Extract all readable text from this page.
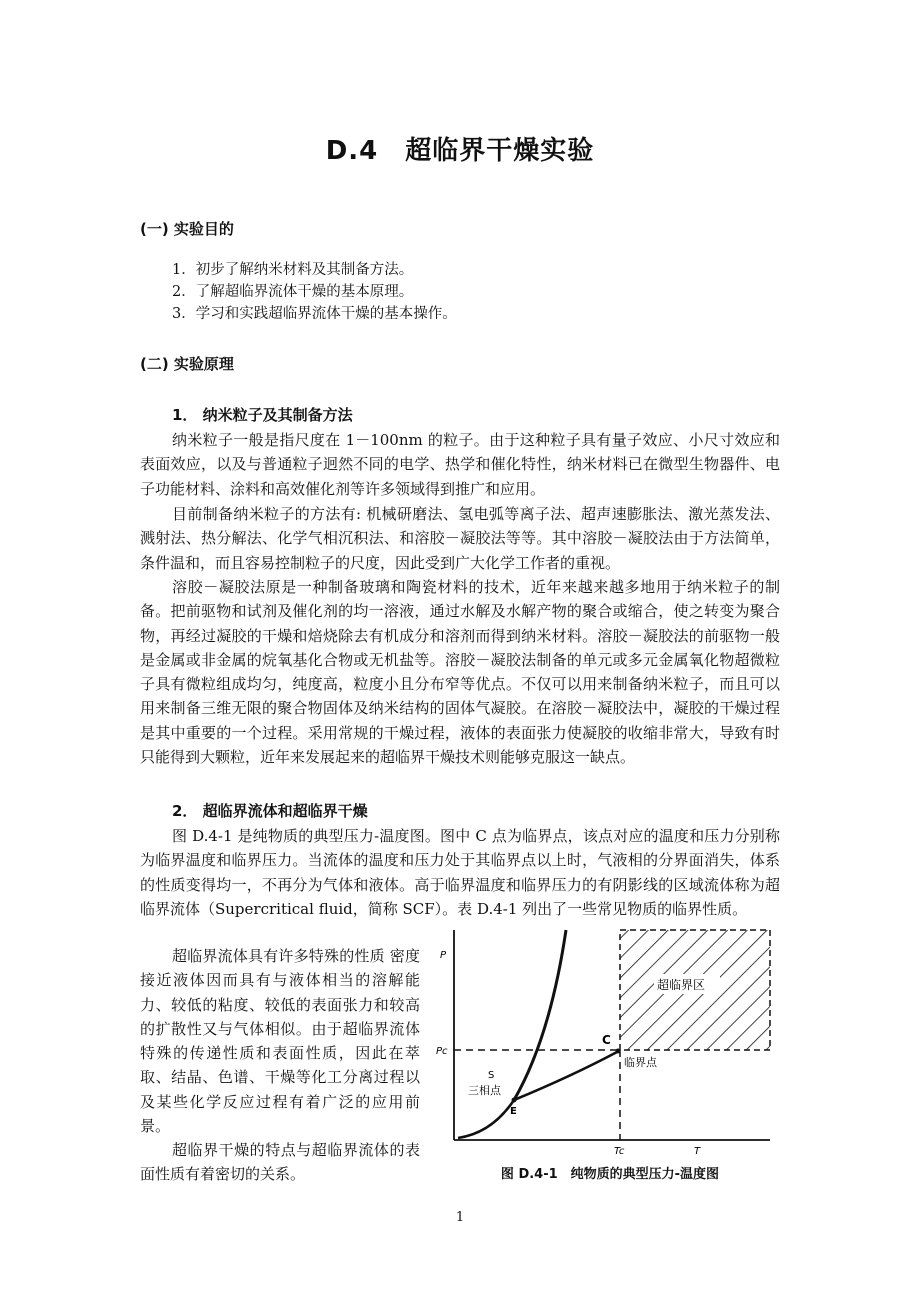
D.4　超临界干燥实验
(一) 实验目的
1．初步了解纳米材料及其制备方法。
2．了解超临界流体干燥的基本原理。
3．学习和实践超临界流体干燥的基本操作。
(二) 实验原理
1． 纳米粒子及其制备方法

纳米粒子一般是指尺度在 1－100nm 的粒子。由于这种粒子具有量子效应、小尺寸效应和表面效应，以及与普通粒子迥然不同的电学、热学和催化特性，纳米材料已在微型生物器件、电子功能材料、涂料和高效催化剂等许多领域得到推广和应用。

目前制备纳米粒子的方法有: 机械研磨法、氢电弧等离子法、超声速膨胀法、激光蒸发法、溅射法、热分解法、化学气相沉积法、和溶胶－凝胶法等等。其中溶胶－凝胶法由于方法简单，条件温和，而且容易控制粒子的尺度，因此受到广大化学工作者的重视。

溶胶－凝胶法原是一种制备玻璃和陶瓷材料的技术，近年来越来越多地用于纳米粒子的制备。把前驱物和试剂及催化剂的均一溶液，通过水解及水解产物的聚合或缩合，使之转变为聚合物，再经过凝胶的干燥和焙烧除去有机成分和溶剂而得到纳米材料。溶胶－凝胶法的前驱物一般是金属或非金属的烷氧基化合物或无机盐等。溶胶－凝胶法制备的单元或多元金属氧化物超微粒子具有微粒组成均匀，纯度高，粒度小且分布窄等优点。不仅可以用来制备纳米粒子，而且可以用来制备三维无限的聚合物固体及纳米结构的固体气凝胶。在溶胶－凝胶法中，凝胶的干燥过程是其中重要的一个过程。采用常规的干燥过程，液体的表面张力使凝胶的收缩非常大，导致有时只能得到大颗粒，近年来发展起来的超临界干燥技术则能够克服这一缺点。

2． 超临界流体和超临界干燥

图 D.4-1 是纯物质的典型压力-温度图。图中 C 点为临界点，该点对应的温度和压力分别称为临界温度和临界压力。当流体的温度和压力处于其临界点以上时，气液相的分界面消失，体系的性质变得均一，不再分为气体和液体。高于临界温度和临界压力的有阴影线的区域流体称为超临界流体（Supercritical fluid，简称 SCF）。表 D.4-1 列出了一些常见物质的临界性质。

超临界流体具有许多特殊的性质 密度接近液体因而具有与液体相当的溶解能力、较低的粘度、较低的表面张力和较高的扩散性又与气体相似。由于超临界流体特殊的传递性质和表面性质，因此在萃取、结晶、色谱、干燥等化工分离过程以及某些化学反应过程有着广泛的应用前景。

超临界干燥的特点与超临界流体的表面性质有着密切的关系。

P
Pc
Tc	T
S
三相点
E
C
临界点
超临界区
图 D.4-1　纯物质的典型压力-温度图
1
